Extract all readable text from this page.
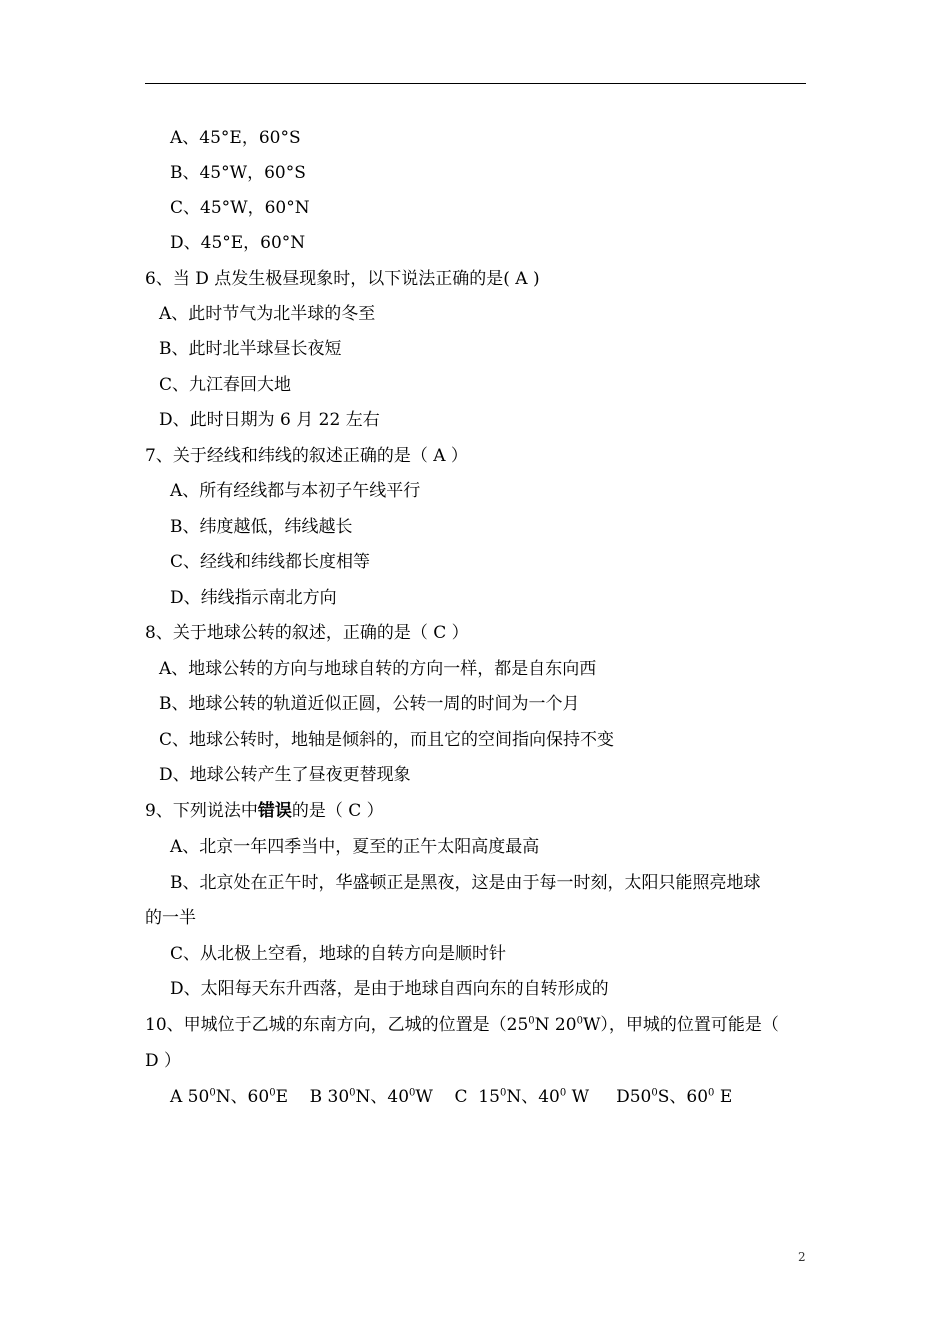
A、45°E，60°S
B、45°W，60°S
C、45°W，60°N
D、45°E，60°N
6、当 D 点发生极昼现象时，以下说法正确的是( A )
A、此时节气为北半球的冬至
B、此时北半球昼长夜短
C、九江春回大地
D、此时日期为 6 月 22 左右
7、关于经线和纬线的叙述正确的是（ A ）
A、所有经线都与本初子午线平行
B、纬度越低，纬线越长
C、经线和纬线都长度相等
D、纬线指示南北方向
8、关于地球公转的叙述，正确的是（ C ）
A、地球公转的方向与地球自转的方向一样，都是自东向西
B、地球公转的轨道近似正圆，公转一周的时间为一个月
C、地球公转时，地轴是倾斜的，而且它的空间指向保持不变
D、地球公转产生了昼夜更替现象
9、下列说法中错误的是（ C ）
A、北京一年四季当中，夏至的正午太阳高度最高
B、北京处在正午时，华盛顿正是黑夜，这是由于每一时刻，太阳只能照亮地球
的一半
C、从北极上空看，地球的自转方向是顺时针
D、太阳每天东升西落，是由于地球自西向东的自转形成的
10、甲城位于乙城的东南方向，乙城的位置是（$25^0N$ $20^0W$），甲城的位置可能是（
D ）
A $50^0N$、$60^0E$    B $30^0N$、$40^0W$    C  $15^0N$、$40^0$ W     $D50^0S$、$60^0$ E
2
